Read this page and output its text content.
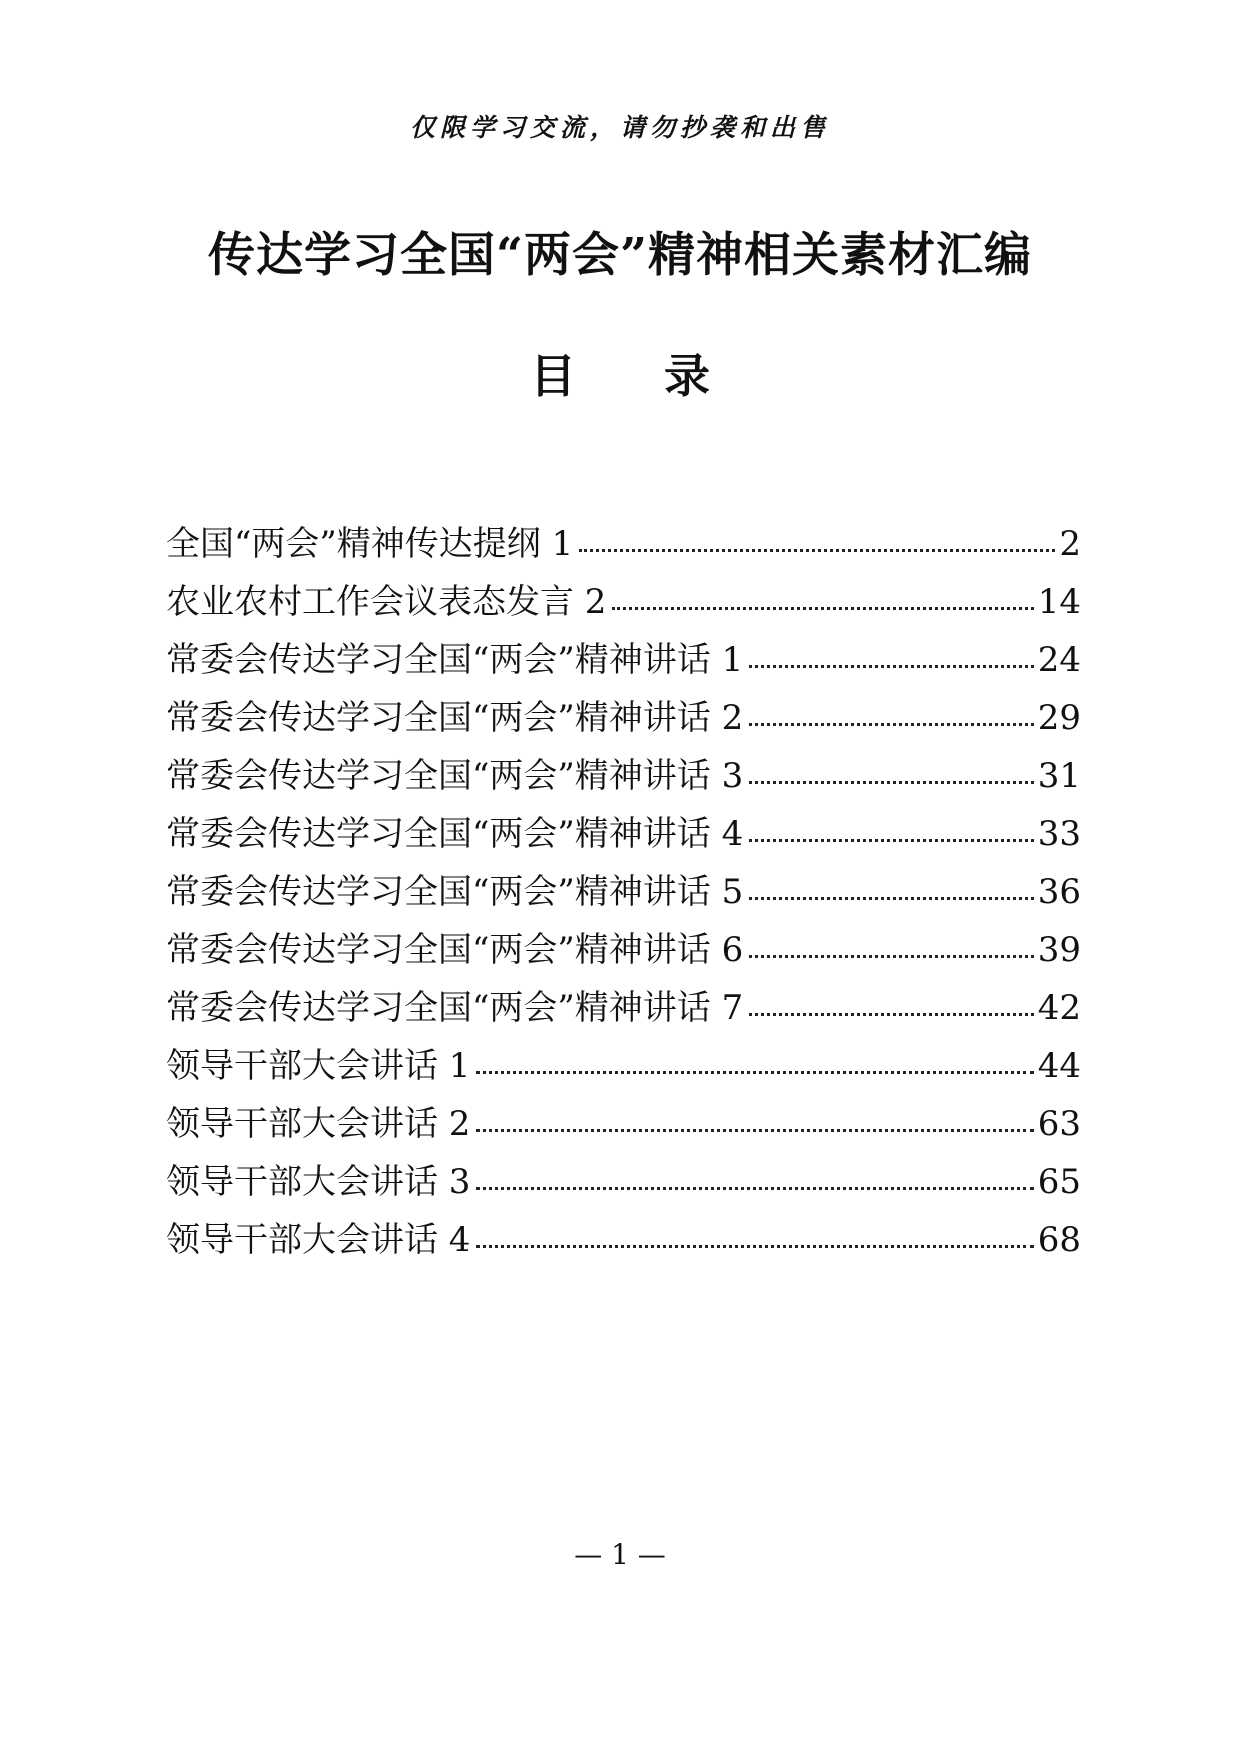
仅限学习交流，请勿抄袭和出售
传达学习全国“两会”精神相关素材汇编
目 录
全国“两会”精神传达提纲 1	2
农业农村工作会议表态发言 2	14
常委会传达学习全国“两会”精神讲话 1	24
常委会传达学习全国“两会”精神讲话 2	29
常委会传达学习全国“两会”精神讲话 3	31
常委会传达学习全国“两会”精神讲话 4	33
常委会传达学习全国“两会”精神讲话 5	36
常委会传达学习全国“两会”精神讲话 6	39
常委会传达学习全国“两会”精神讲话 7	42
领导干部大会讲话 1	44
领导干部大会讲话 2	63
领导干部大会讲话 3	65
领导干部大会讲话 4	68
— 1 —
